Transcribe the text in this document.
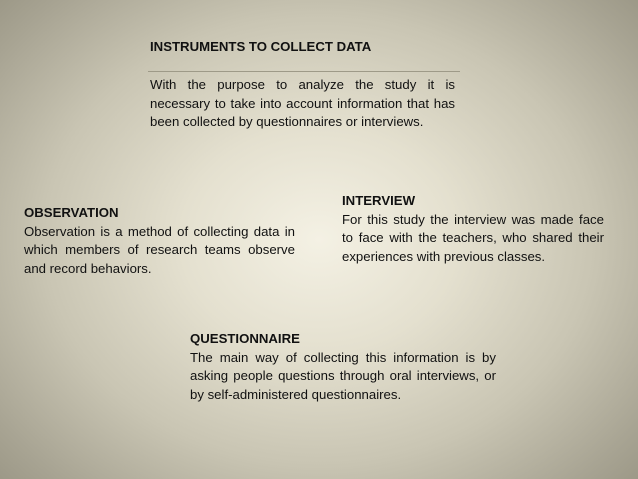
INSTRUMENTS TO COLLECT DATA
With the purpose to analyze the study it is necessary to take into account information that has been collected by questionnaires or interviews.
OBSERVATION
Observation is a method of collecting data in which members of research teams observe and record behaviors.
INTERVIEW
For this study the interview was made face to face with the teachers, who shared their experiences with previous classes.
QUESTIONNAIRE
The main way of collecting this information is by asking people questions through oral interviews, or by self-administered questionnaires.
